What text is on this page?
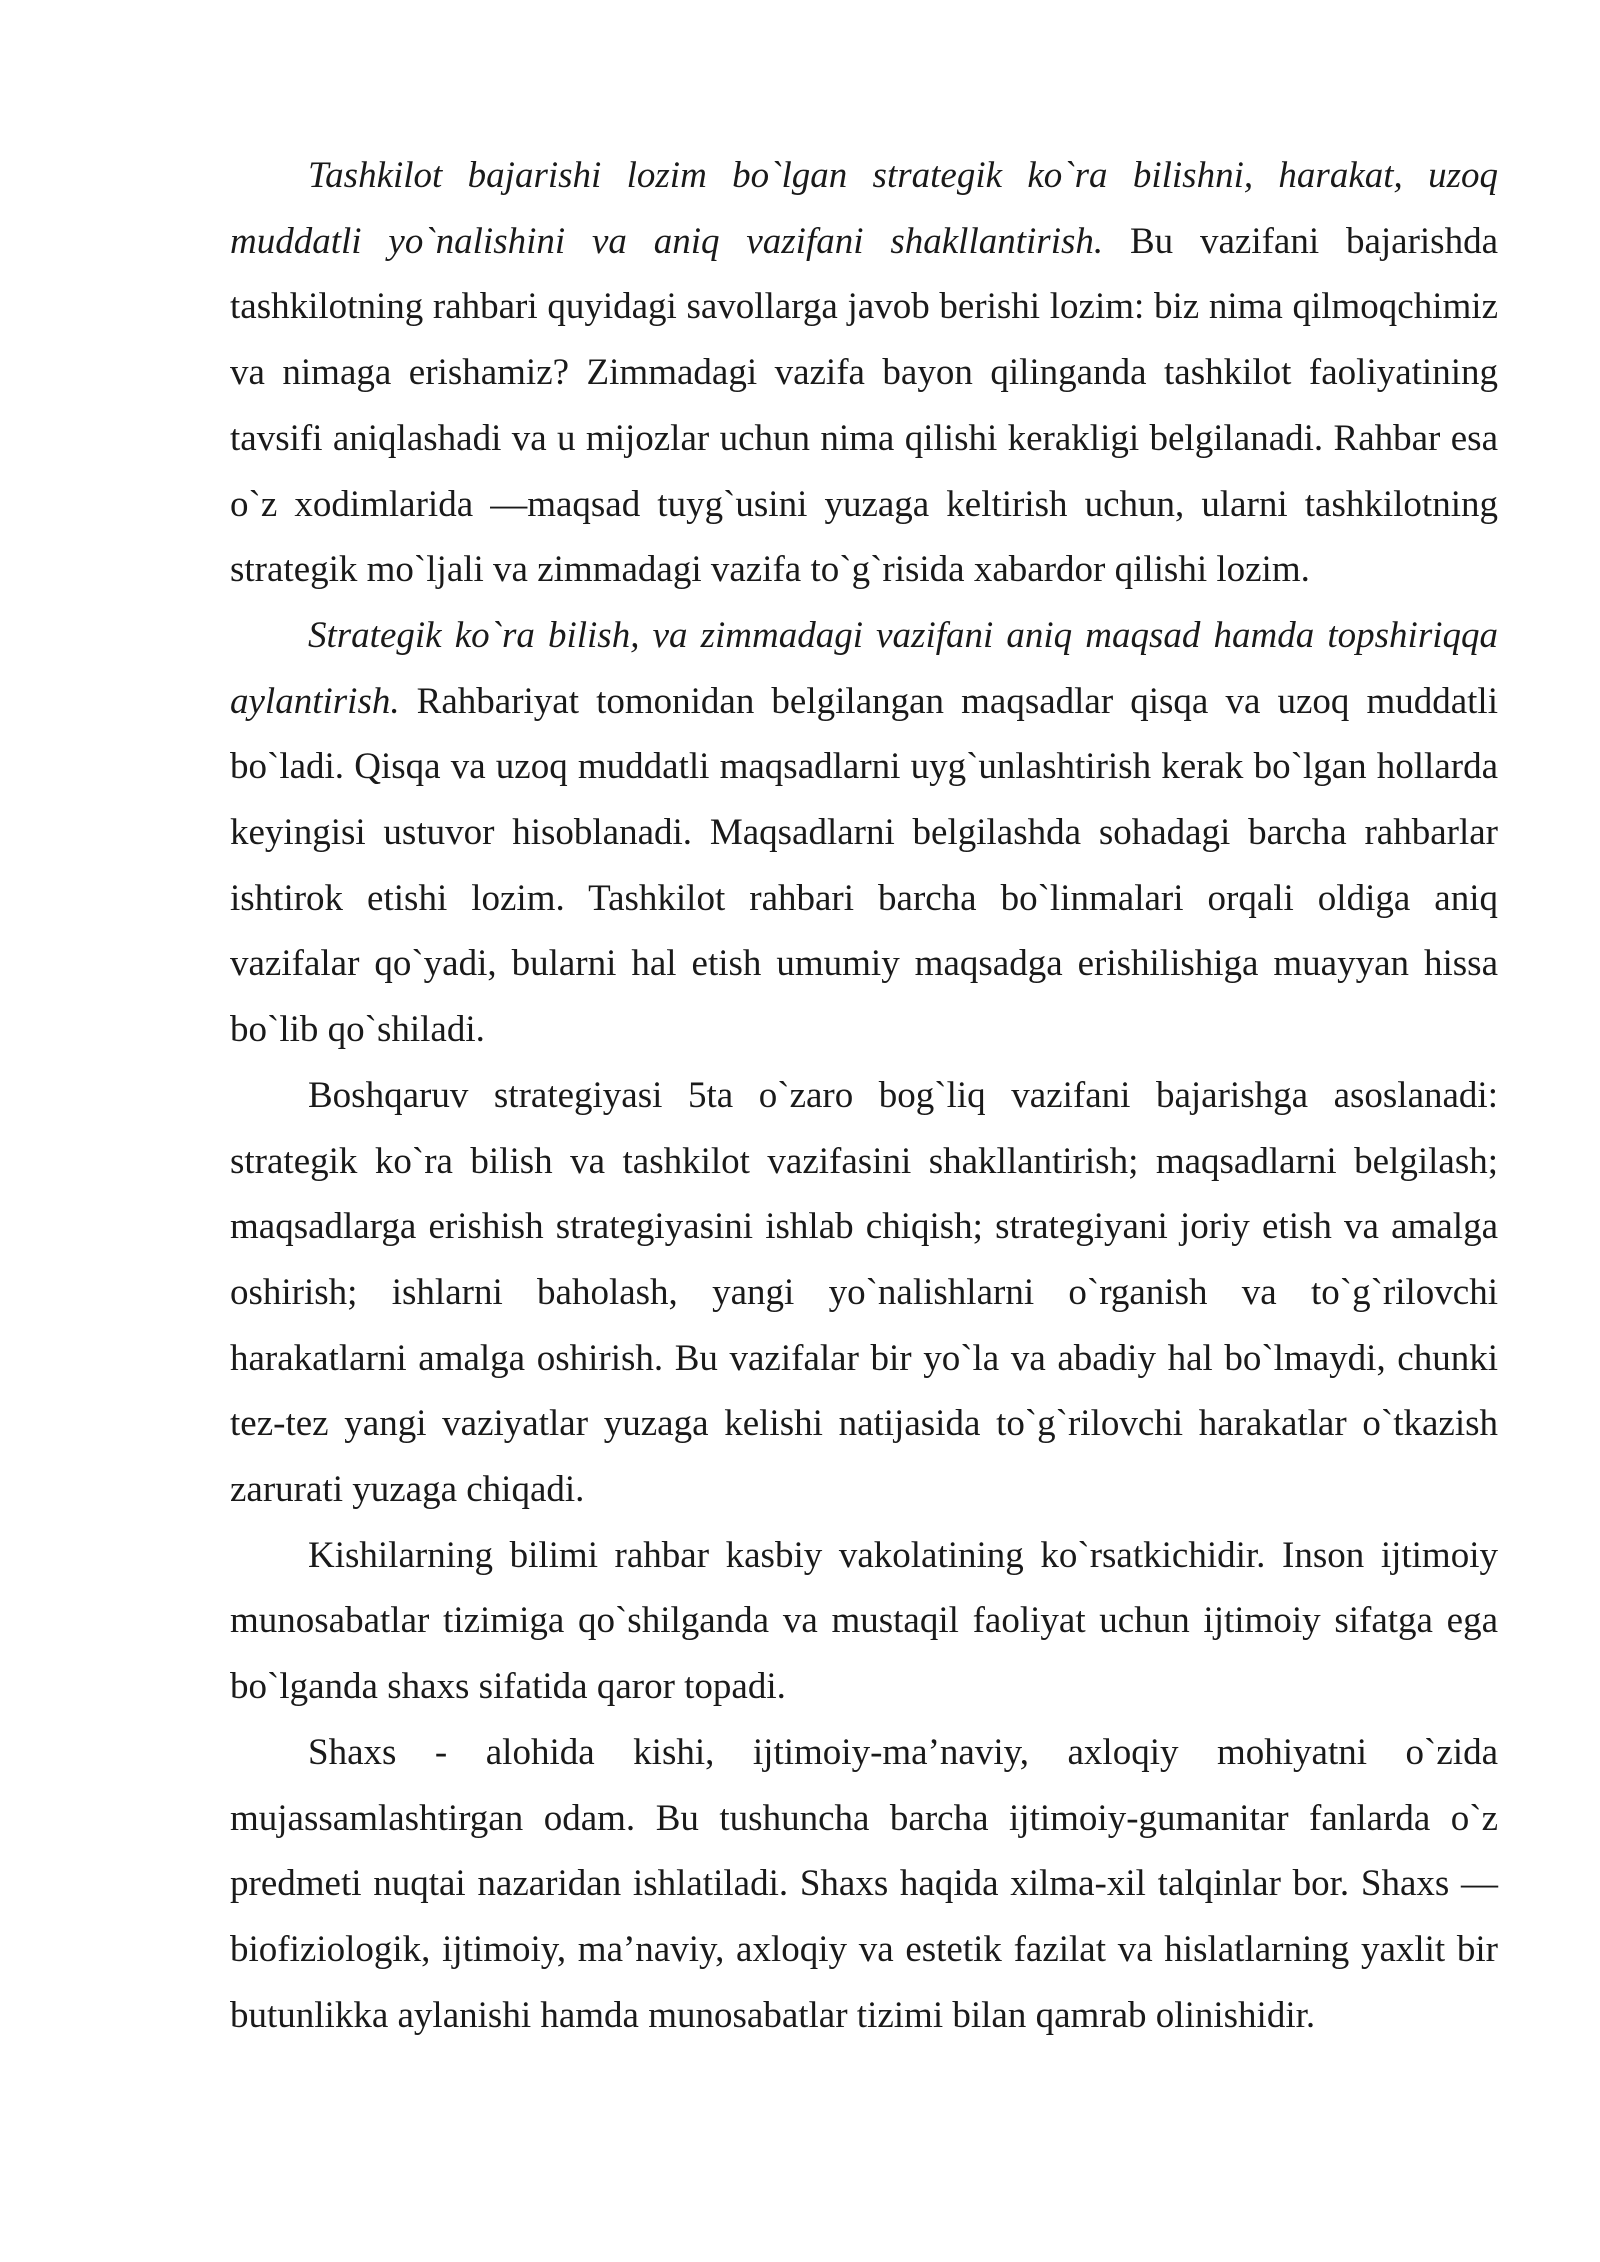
Tashkilot bajarishi lozim bo`lgan strategik ko`ra bilishni, harakat, uzoq muddatli yo`nalishini va aniq vazifani shakllantirish. Bu vazifani bajarishda tashkilotning rahbari quyidagi savollarga javob berishi lozim: biz nima qilmoqchimiz va nimaga erishamiz? Zimmadagi vazifa bayon qilinganda tashkilot faoliyatining tavsifi aniqlashadi va u mijozlar uchun nima qilishi kerakligi belgilanadi. Rahbar esa o`z xodimlarida ―maqsad tuyg`usini yuzaga keltirish uchun, ularni tashkilotning strategik mo`ljali va zimmadagi vazifa to`g`risida xabardor qilishi lozim.

Strategik ko`ra bilish, va zimmadagi vazifani aniq maqsad hamda topshiriqqa aylantirish. Rahbariyat tomonidan belgilangan maqsadlar qisqa va uzoq muddatli bo`ladi. Qisqa va uzoq muddatli maqsadlarni uyg`unlashtirish kerak bo`lgan hollarda keyingisi ustuvor hisoblanadi. Maqsadlarni belgilashda sohadagi barcha rahbarlar ishtirok etishi lozim. Tashkilot rahbari barcha bo`linmalari orqali oldiga aniq vazifalar qo`yadi, bularni hal etish umumiy maqsadga erishilishiga muayyan hissa bo`lib qo`shiladi.

Boshqaruv strategiyasi 5ta o`zaro bog`liq vazifani bajarishga asoslanadi: strategik ko`ra bilish va tashkilot vazifasini shakllantirish; maqsadlarni belgilash; maqsadlarga erishish strategiyasini ishlab chiqish; strategiyani joriy etish va amalga oshirish; ishlarni baholash, yangi yo`nalishlarni o`rganish va to`g`rilovchi harakatlarni amalga oshirish. Bu vazifalar bir yo`la va abadiy hal bo`lmaydi, chunki tez-tez yangi vaziyatlar yuzaga kelishi natijasida to`g`rilovchi harakatlar o`tkazish zarurati yuzaga chiqadi.

Kishilarning bilimi rahbar kasbiy vakolatining ko`rsatkichidir. Inson ijtimoiy munosabatlar tizimiga qo`shilganda va mustaqil faoliyat uchun ijtimoiy sifatga ega bo`lganda shaxs sifatida qaror topadi.

Shaxs - alohida kishi, ijtimoiy-ma’naviy, axloqiy mohiyatni o`zida mujassamlashtirgan odam. Bu tushuncha barcha ijtimoiy-gumanitar fanlarda o`z predmeti nuqtai nazaridan ishlatiladi. Shaxs haqida xilma-xil talqinlar bor. Shaxs — biofiziologik, ijtimoiy, ma’naviy, axloqiy va estetik fazilat va hislatlarning yaxlit bir butunlikka aylanishi hamda munosabatlar tizimi bilan qamrab olinishidir.
